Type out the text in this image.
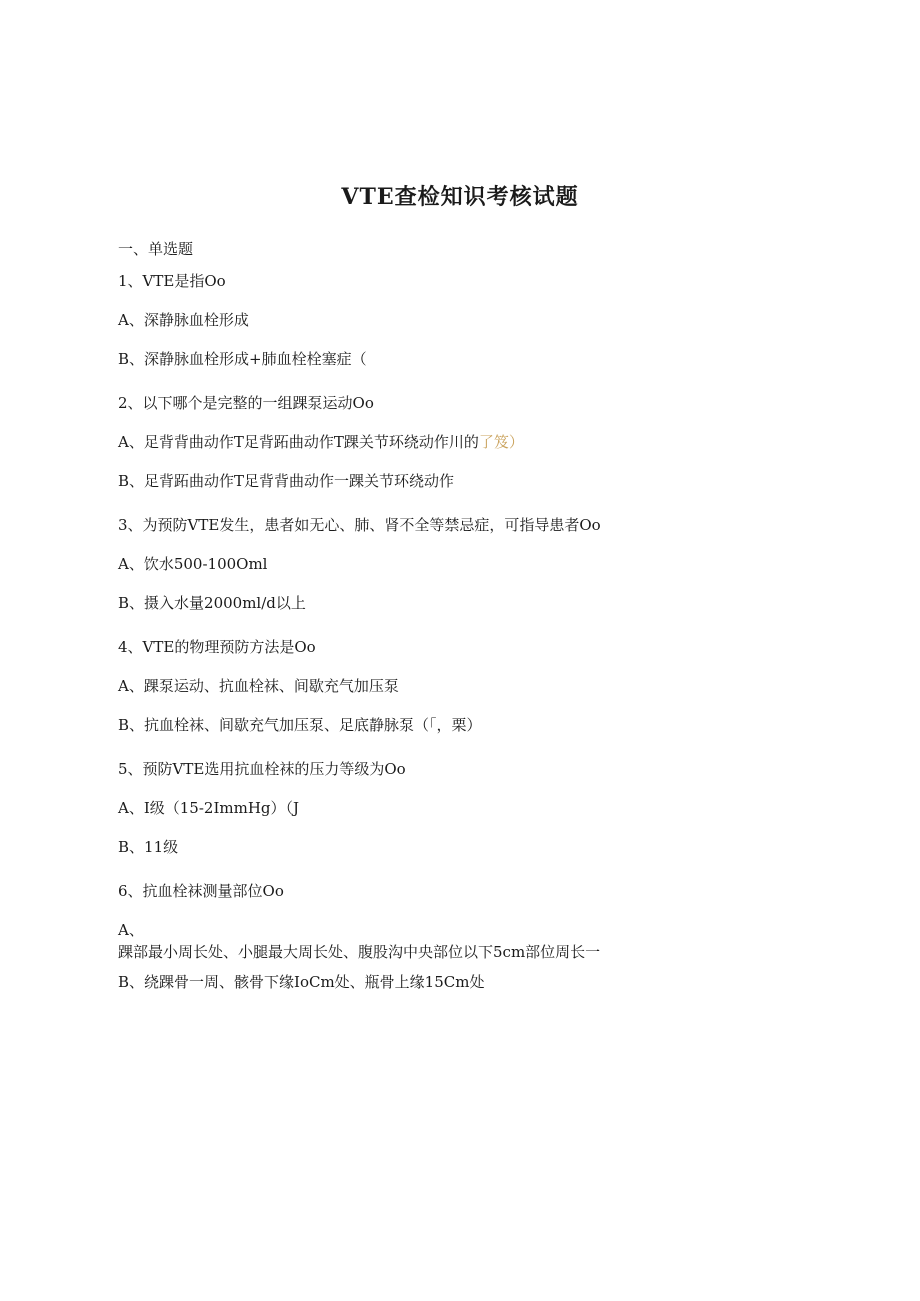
VTE查检知识考核试题
一、单选题
1、VTE是指Oo
A、深静脉血栓形成
B、深静脉血栓形成+肺血栓栓塞症（
2、以下哪个是完整的一组踝泵运动Oo
A、足背背曲动作T足背跖曲动作T踝关节环绕动作川的了笈）
B、足背跖曲动作T足背背曲动作一踝关节环绕动作
3、为预防VTE发生，患者如无心、肺、肾不全等禁忌症，可指导患者Oo
A、饮水500-100Oml
B、摄入水量2000ml∕d以上
4、VTE的物理预防方法是Oo
A、踝泵运动、抗血栓袜、间歇充气加压泵
B、抗血栓袜、间歇充气加压泵、足底静脉泵（「，栗）
5、预防VTE选用抗血栓袜的压力等级为Oo
A、I级（15-2ImmHg）（J
B、11级
6、抗血栓袜测量部位Oo
A、
踝部最小周长处、小腿最大周长处、腹股沟中央部位以下5cm部位周长一
B、绕踝骨一周、骸骨下缘IoCm处、瓶骨上缘15Cm处
